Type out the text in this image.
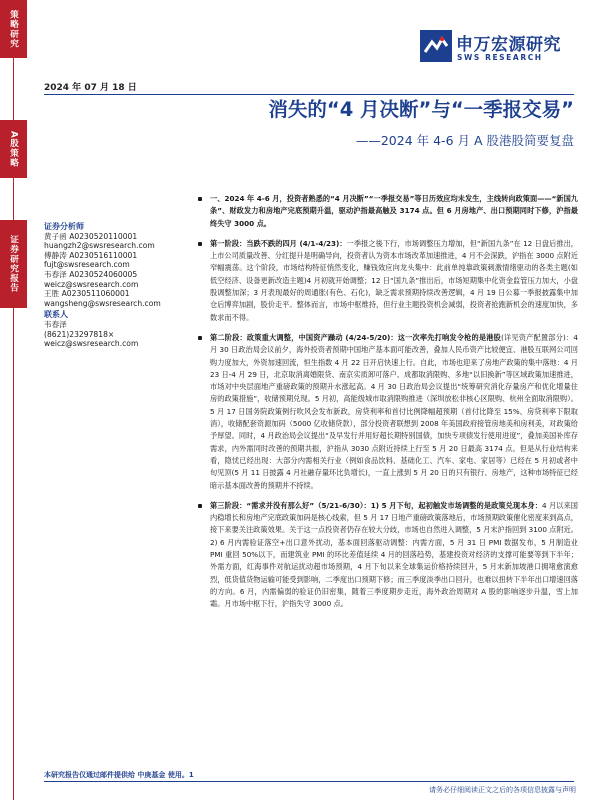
策略研究
A股策略
证券研究报告
申万宏源研究
SWS RESEARCH
2024 年 07 月 18 日
消失的“4 月决断”与“一季报交易”
——2024 年 4-6 月 A 股港股简要复盘
证券分析师
黄子函 A0230520110001
huangzh2@swsresearch.com
傅静涛 A0230516110001
fujt@swsresearch.com
韦春泽 A0230524060005
weicz@swsresearch.com
王胜 A0230511060001
wangsheng@swsresearch.com
联系人
韦春泽
(8621)23297818×
weicz@swsresearch.com
一、2024 年 4-6 月，投资者熟悉的“4 月决断”“一季报交易”等日历效应均未发生，主线转向政策面——“新国九条”、财政发力和房地产完底预期升温，驱动沪指最高触及 3174 点。但 6 月房地产、出口预期同时下修，沪指最终失守 3000 点。
第一阶段：当跌不跌的四月 (4/1-4/23)：一季报之後下行，市场调整压力增加，但“新国九条”在 12 日盘后推出，上市公司质量改善、分红提升是明确导向，投资者认为资本市场改革加速推进，4 月不会深跌，沪指在 3000 点附近窄幅震荡。这个阶段，市场结构特征悄然变化，赚钱效应向龙头集中：此前单纯靠政策刺激情绪驱动的各类主题(如低空经济、设备更新改造主题)4 月初就开始调整；12 日“国九条”推出后，市场短期集中化资金监管压力加大，小盘股调整加深；3 月表现最好的周通胀(有色、石化)，缺乏需求预期持续改善逻辑，4 月 19 日公募一季报披露集中加仓后博弈加剧，股价走平。整体而言，市场中枢维持，但行业主题投资机会减弱，投资者抢跑新机会的速度加快，多数求而不得。
第二阶段：政策重大调整，中国资产躁动 (4/24-5/20)：这一次率先打响发令枪的是港股(详见资产配置部分)：4 月 30 日政治局会议前夕，海外投资者预期中国地产基本面可能改善，叠加人民币资产比较便宜、港股互联网公司回购力度加大，外资加速回流，恒生指数 4 月 22 日开启快速上行。自此，市场也迎来了房地产政策的集中落地：4 月 23 日-4 月 29 日，北京取消离婚限贷、南京实质卸可落户、成都取消限购、多地“以旧换新”等区域政策加速推进，市场对中央层面地产重磅政策的预期升水涨起高。4 月 30 日政治局会议提出“统筹研究消化存量房产和优化增量住房的政策措施”，收储预期兑现。5 月初，高能级城市取消限购推进（深圳放松非核心区限购、杭州全面取消限购）。5 月 17 日国务院政策例行吹风会发布新政，房贷利率和首付比例降幅超预期（首付比降至 15%、房贷利率下限取消），收储配套资源加码（5000 亿收储贷款），部分投资者联想到 2008 年美国政府接管房地美和房利美，对政策给予厚望。同时，4 月政治局会议提出“及早发行并用好超长期特别国债，加快专项债发行使用进度”，叠加美国补库存需求，内外需同时改善的预期共振，沪指从 3030 点附近持续上行至 5 月 20 日最高 3174 点。但是从行业结构来看，隐忧已经出现：大部分内需相关行业（例如食品饮料、基础化工、汽车、家电、家居等）已经在 5 月初或者中旬见顶(5 月 11 日披露 4 月社融存量环比负增长)，一直上涨到 5 月 20 日的只有银行、房地产，这种市场特征已经暗示基本面改善的预期并不持续。
第三阶段：“需求并没有那么好”（5/21-6/30）：1) 5 月下旬，起初触发市场调整的是政策兑现本身：4 月以来国内稳增长和房地产完底政策加码是核心线索，但 5 月 17 日地产重磅政策落地后，市场预期政策催化密度来到高点，接下来要关注政策效果。关于这一点投资者仍存在较大分歧，市场也自然进入调整，5 月末沪指回到 3100 点附近。2) 6 月内需验证落空+出口意外扰动，基本面回落驱动调整：内需方面，5 月 31 日 PMI 数据发布，5 月制造业 PMI 重回 50%以下，而建筑业 PMI 的环比差值延续 4 月的回落趋势，基建投资对经济的支撑可能要等到下半年；外需方面，红海事件对航运扰动超市场预期，4 月下旬以来全球集运价格持续回升，5 月末新加坡港口拥堵愈演愈烈，低货值货物运输可能受到影响，二季度出口预期下修；而三季度淡季出口回升，也难以扭转下半年出口增速回落的方向。6 月，内需偏弱的验证仍旧密集，随着三季度期步走近，海外政治周期对 A 股的影响逐步升温，雪上加霜。月市场中枢下行，沪指失守 3000 点。
本研究报告仅通过邮件提供给 中庚基金 使用。1
请务必仔细阅读正文之后的各项信息披露与声明
